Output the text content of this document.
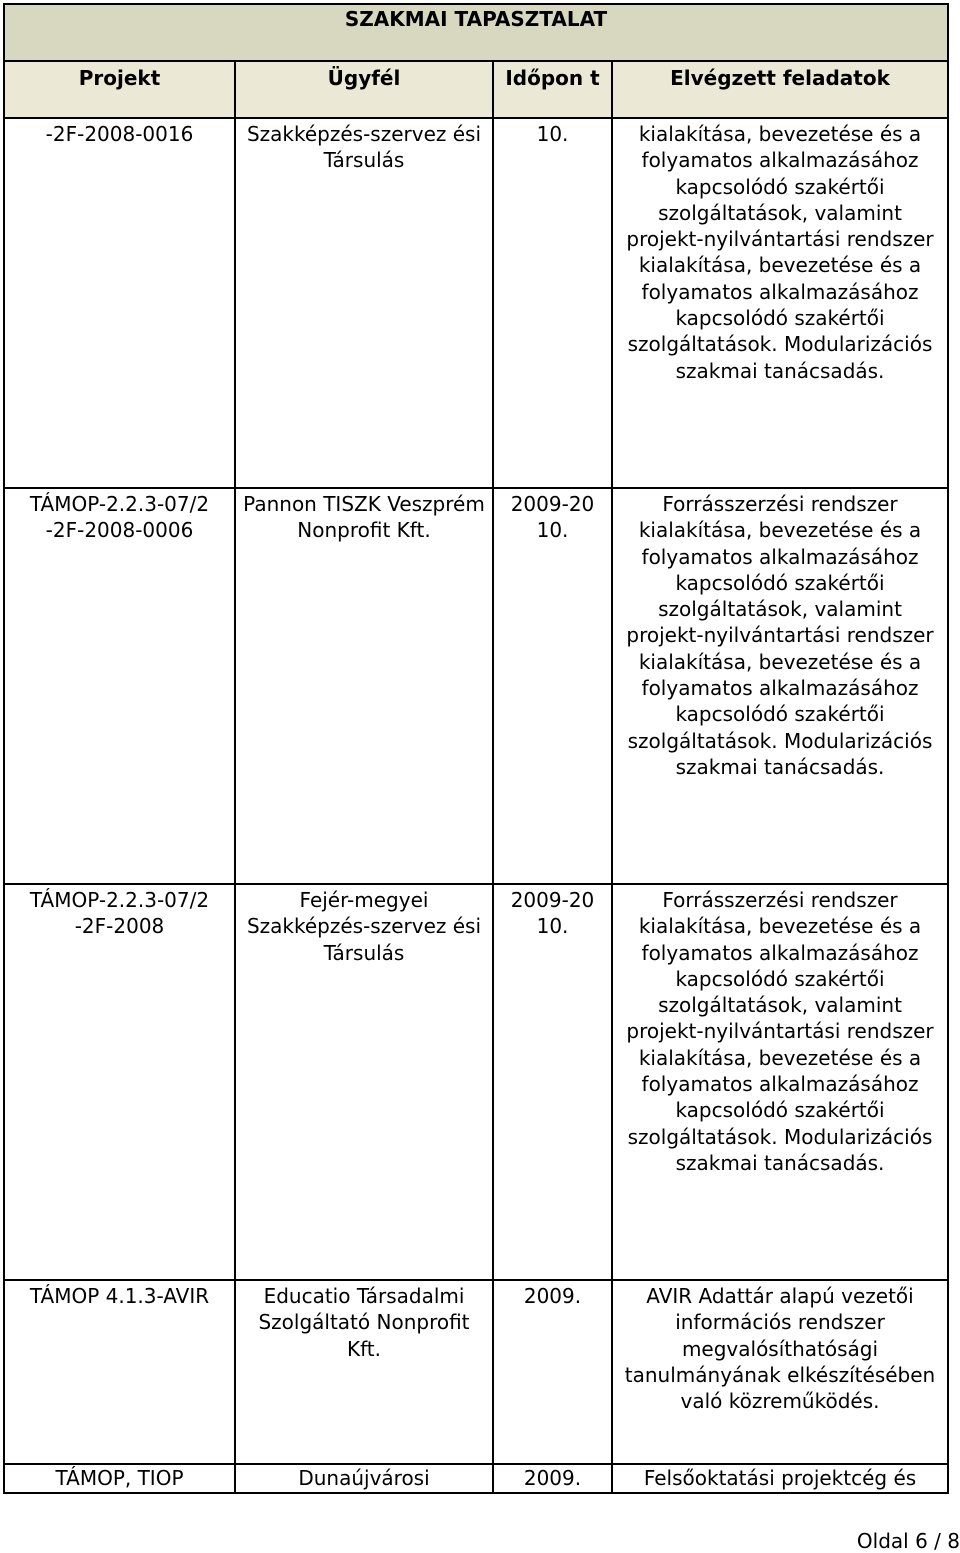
SZAKMAI TAPASZTALAT			
Projekt	Ügyfél	Időpon t	Elvégzett feladatok
-2F-2008-0016	Szakképzés-szervez ési Társulás	10.	kialakítása, bevezetése és a folyamatos alkalmazásához kapcsolódó szakértői szolgáltatások, valamint projekt-nyilvántartási rendszer kialakítása, bevezetése és a folyamatos alkalmazásához kapcsolódó szakértői szolgáltatások. Modularizációs szakmai tanácsadás.
TÁMOP-2.2.3-07/2 -2F-2008-0006	Pannon TISZK Veszprém Nonprofit Kft.	2009-20 10.	Forrásszerzési rendszer kialakítása, bevezetése és a folyamatos alkalmazásához kapcsolódó szakértői szolgáltatások, valamint projekt-nyilvántartási rendszer kialakítása, bevezetése és a folyamatos alkalmazásához kapcsolódó szakértői szolgáltatások. Modularizációs szakmai tanácsadás.
TÁMOP-2.2.3-07/2 -2F-2008	Fejér-megyei Szakképzés-szervez ési Társulás	2009-20 10.	Forrásszerzési rendszer kialakítása, bevezetése és a folyamatos alkalmazásához kapcsolódó szakértői szolgáltatások, valamint projekt-nyilvántartási rendszer kialakítása, bevezetése és a folyamatos alkalmazásához kapcsolódó szakértői szolgáltatások. Modularizációs szakmai tanácsadás.
TÁMOP 4.1.3-AVIR	Educatio Társadalmi Szolgáltató Nonprofit Kft.	2009.	AVIR Adattár alapú vezetői információs rendszer megvalósíthatósági tanulmányának elkészítésében való közreműködés.
TÁMOP, TIOP	Dunaújvárosi	2009.	Felsőoktatási projektcég és
Oldal 6 / 8
